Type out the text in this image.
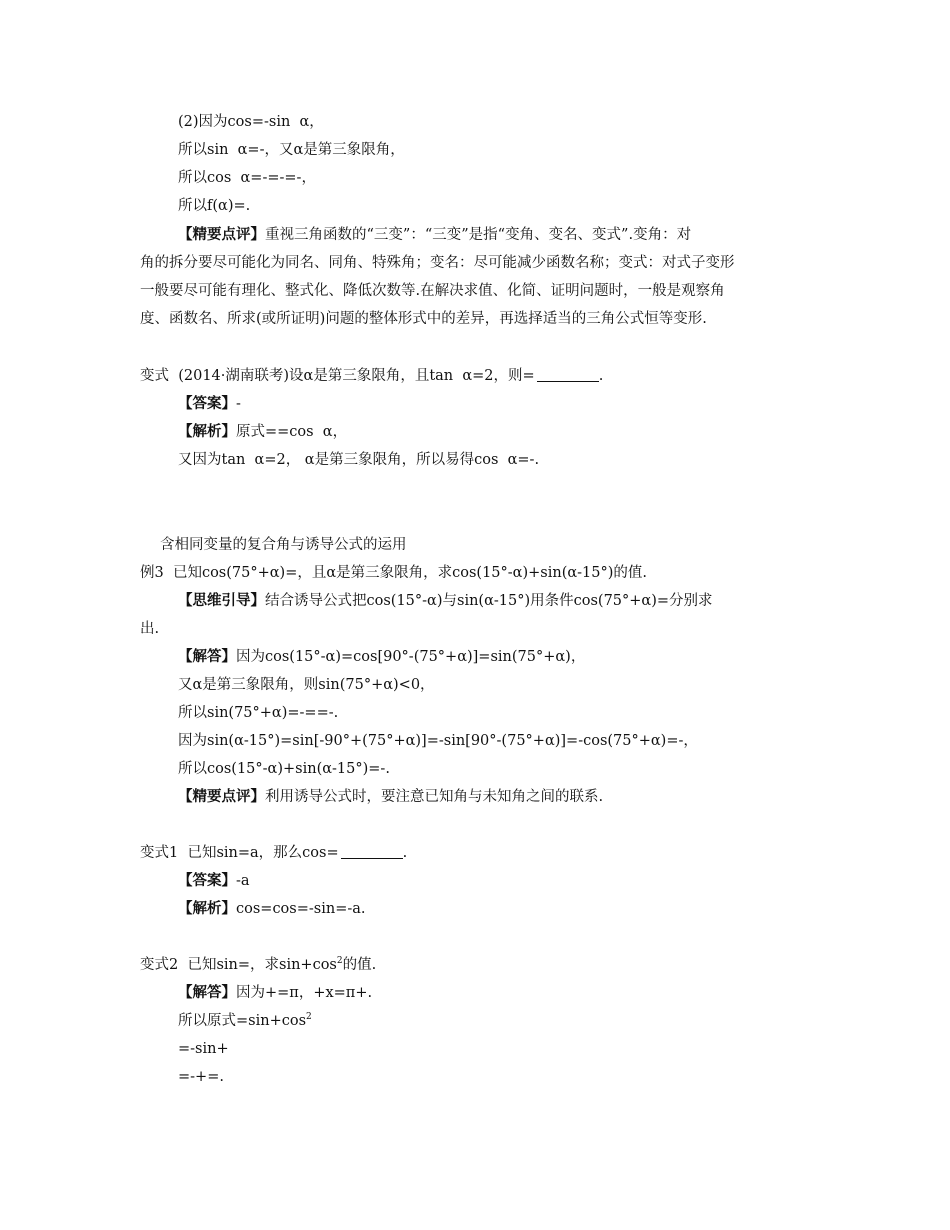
(2)因为cos=-sin  α，
所以sin  α=-，又α是第三象限角，
所以cos  α=-=-=-，
所以f(α)=.
【精要点评】重视三角函数的“三变”：“三变”是指“变角、变名、变式”.变角：对
角的拆分要尽可能化为同名、同角、特殊角；变名：尽可能减少函数名称；变式：对式子变形
一般要尽可能有理化、整式化、降低次数等.在解决求值、化简、证明问题时，一般是观察角
度、函数名、所求(或所证明)问题的整体形式中的差异，再选择适当的三角公式恒等变形.
变式  (2014·湖南联考)设α是第三象限角，且tan  α=2，则=	.
【答案】-
【解析】原式==cos  α，
又因为tan  α=2， α是第三象限角，所以易得cos  α=-.
含相同变量的复合角与诱导公式的运用
例3  已知cos(75°+α)=，且α是第三象限角，求cos(15°-α)+sin(α-15°)的值.
【思维引导】结合诱导公式把cos(15°-α)与sin(α-15°)用条件cos(75°+α)=分别求
出.
【解答】因为cos(15°-α)=cos[90°-(75°+α)]=sin(75°+α)，
又α是第三象限角，则sin(75°+α)<0，
所以sin(75°+α)=-==-.
因为sin(α-15°)=sin[-90°+(75°+α)]=-sin[90°-(75°+α)]=-cos(75°+α)=-，
所以cos(15°-α)+sin(α-15°)=-.
【精要点评】利用诱导公式时，要注意已知角与未知角之间的联系.
变式1  已知sin=a，那么cos=	.
【答案】-a
【解析】cos=cos=-sin=-a.
变式2  已知sin=，求$\sin+\cos^2$的值.
【解答】因为+=π，+x=π+.
所以原式$=\sin+\cos^2$
=-sin+
=-+=.
